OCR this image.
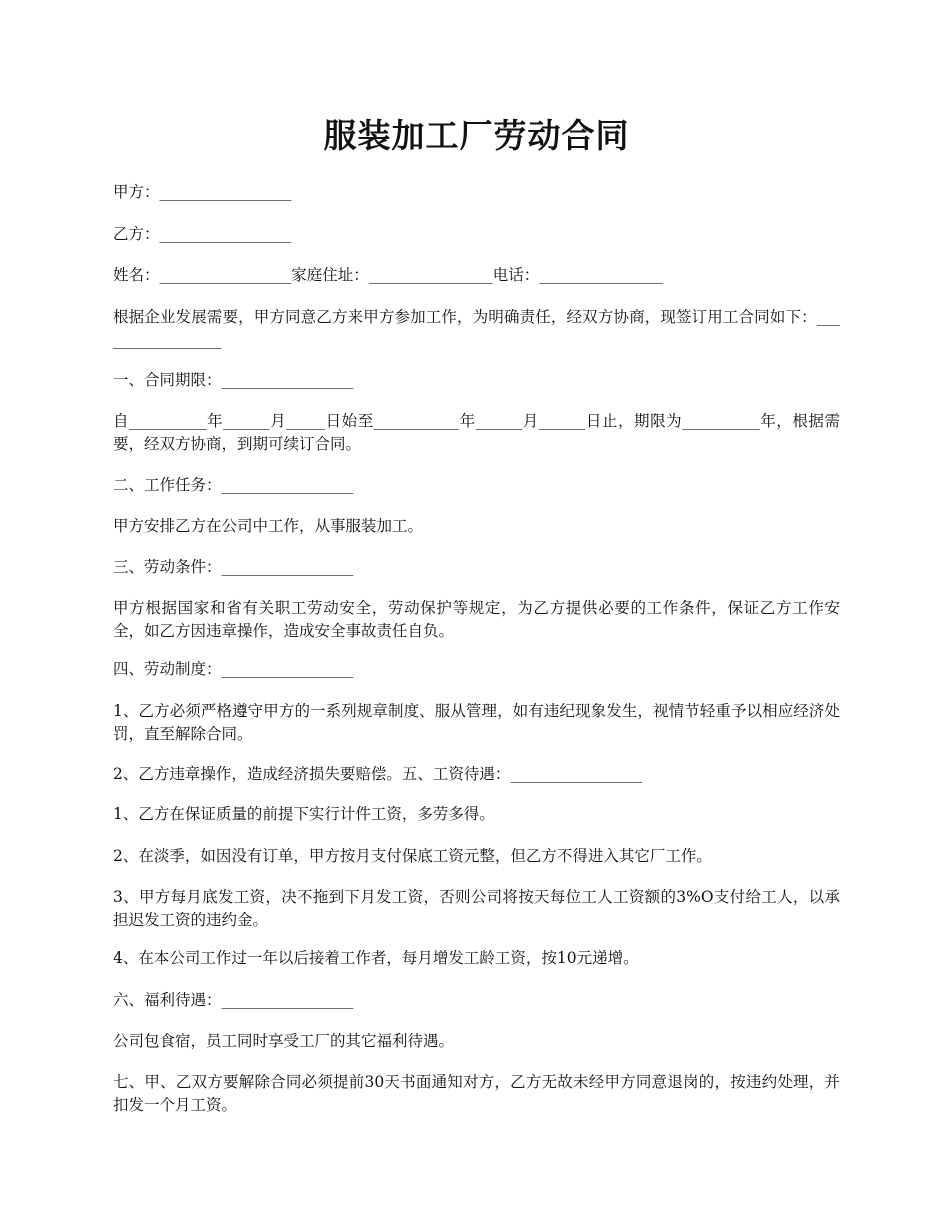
服装加工厂劳动合同
甲方：_________________
乙方：_________________
姓名：_________________家庭住址：________________电话：________________
根据企业发展需要，甲方同意乙方来甲方参加工作，为明确责任，经双方协商，现签订用工合同如下：_________________
一、合同期限：_________________
自__________年______月_____日始至___________年______月______日止，期限为__________年，根据需要，经双方协商，到期可续订合同。
二、工作任务：_________________
甲方安排乙方在公司中工作，从事服装加工。
三、劳动条件：_________________
甲方根据国家和省有关职工劳动安全，劳动保护等规定，为乙方提供必要的工作条件，保证乙方工作安全，如乙方因违章操作，造成安全事故责任自负。
四、劳动制度：_________________
1、乙方必须严格遵守甲方的一系列规章制度、服从管理，如有违纪现象发生，视情节轻重予以相应经济处罚，直至解除合同。
2、乙方违章操作，造成经济损失要赔偿。五、工资待遇：_________________
1、乙方在保证质量的前提下实行计件工资，多劳多得。
2、在淡季，如因没有订单，甲方按月支付保底工资元整，但乙方不得进入其它厂工作。
3、甲方每月底发工资，决不拖到下月发工资，否则公司将按天每位工人工资额的3%O支付给工人，以承担迟发工资的违约金。
4、在本公司工作过一年以后接着工作者，每月增发工龄工资，按10元递增。
六、福利待遇：_________________
公司包食宿，员工同时享受工厂的其它福利待遇。
七、甲、乙双方要解除合同必须提前30天书面通知对方，乙方无故未经甲方同意退岗的，按违约处理，并扣发一个月工资。
